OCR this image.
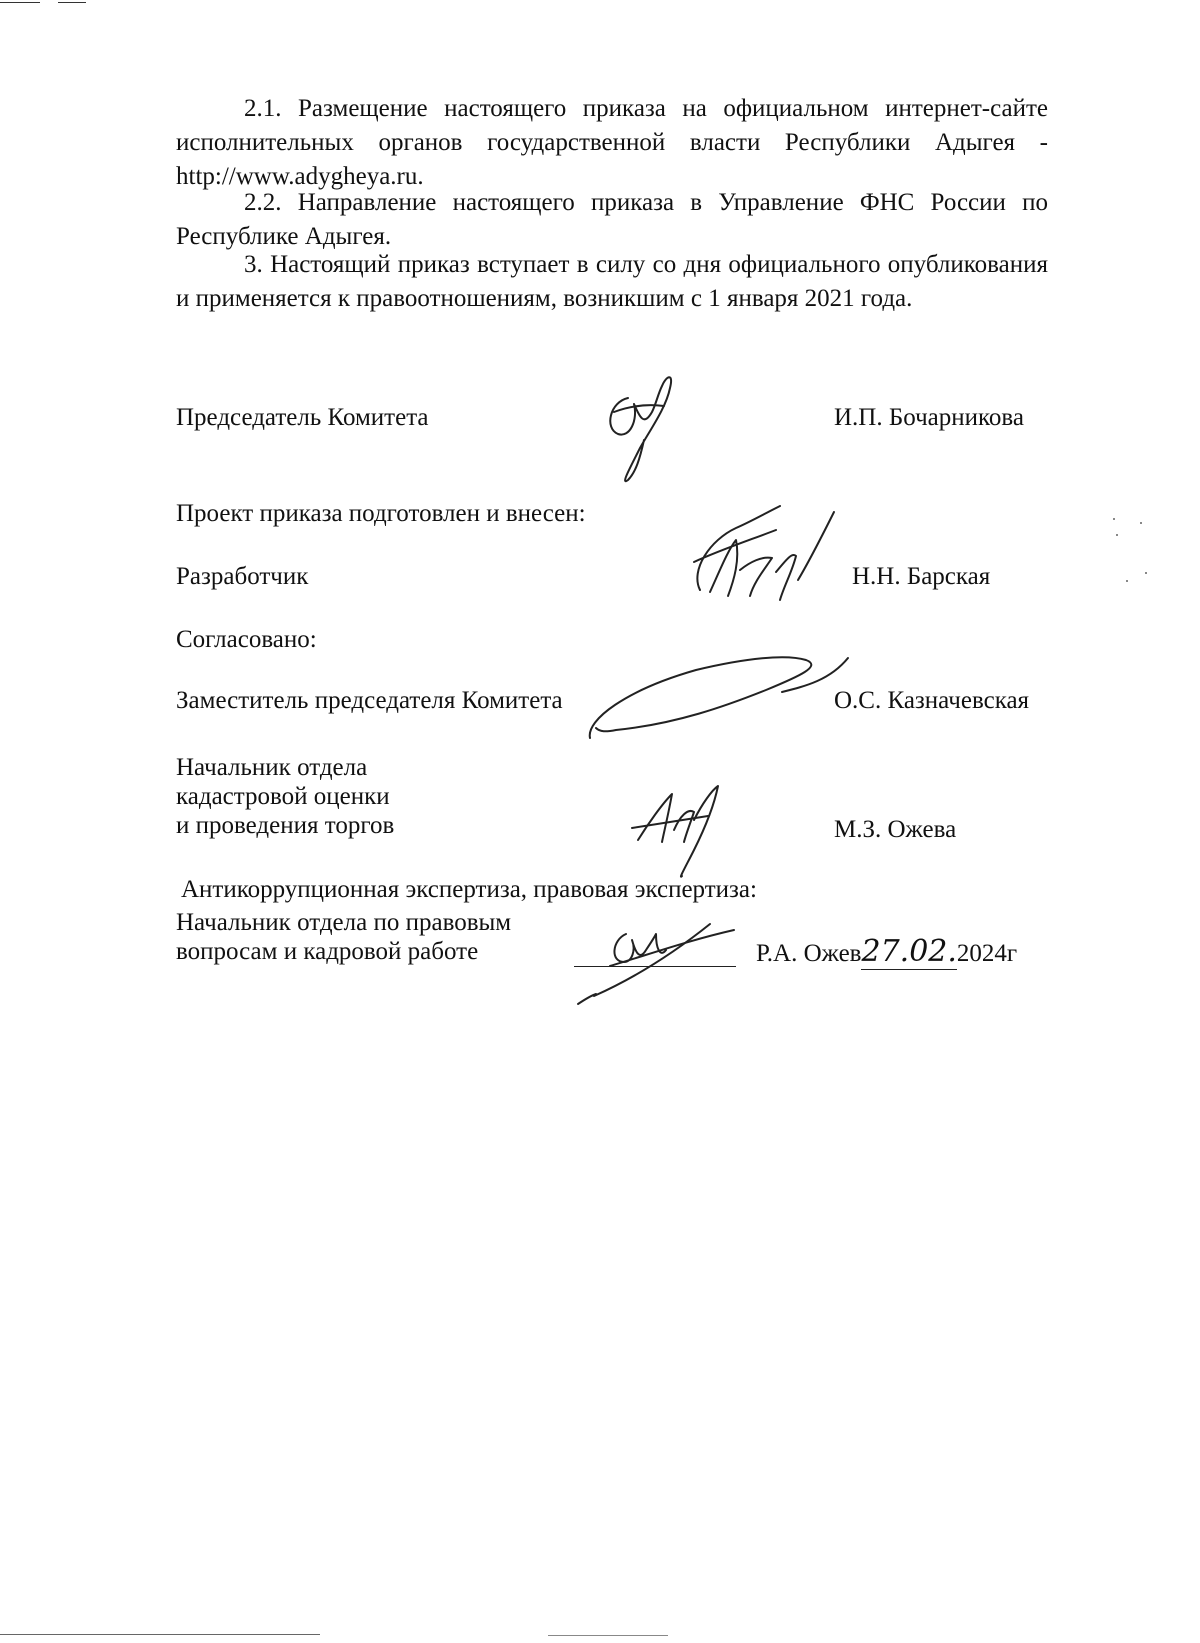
2.1. Размещение настоящего приказа на официальном интернет-сайте исполнительных органов государственной власти Республики Адыгея - http://www.adygheya.ru.

2.2. Направление настоящего приказа в Управление ФНС России по Республике Адыгея.

3. Настоящий приказ вступает в силу со дня официального опубликования и применяется к правоотношениям, возникшим с 1 января 2021 года.

Председатель Комитета	И.П. Бочарникова
Проект приказа подготовлен и внесен:
Разработчик	Н.Н. Барская
Согласовано:
Заместитель председателя Комитета	О.С. Казначевская
Начальник отдела
кадастровой оценки
и проведения торгов	М.З. Ожева
Антикоррупционная экспертиза, правовая экспертиза:
Начальник отдела по правовым
вопросам и кадровой работе	Р.А. Ожев27.02.2024г
